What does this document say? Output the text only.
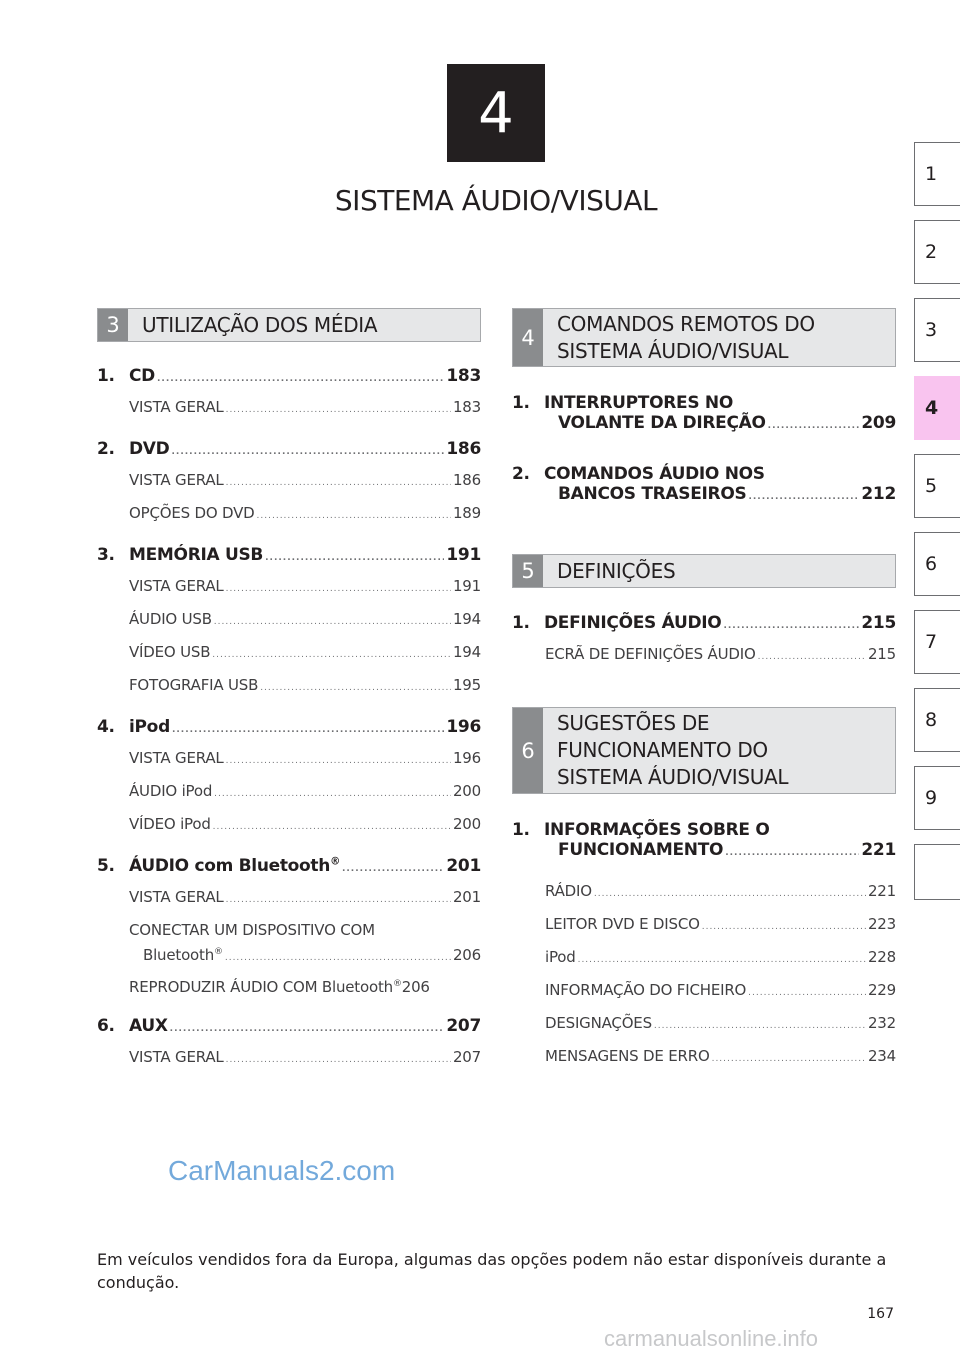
4
SISTEMA ÁUDIO/VISUAL
1
2
3
4
5
6
7
8
9
3	UTILIZAÇÃO DOS MÉDIA
1. CD .....	183
VISTA GERAL .....	183
2. DVD .....	186
VISTA GERAL .....	186
OPÇÕES DO DVD .....	189
3. MEMÓRIA USB .....	191
VISTA GERAL .....	191
ÁUDIO USB .....	194
VÍDEO USB .....	194
FOTOGRAFIA USB .....	195
4. iPod .....	196
VISTA GERAL .....	196
ÁUDIO iPod .....	200
VÍDEO iPod .....	200
5. ÁUDIO com Bluetooth® .....	201
VISTA GERAL .....	201
CONECTAR UM DISPOSITIVO COM
Bluetooth® .....	206
REPRODUZIR ÁUDIO COM Bluetooth® 206
6. AUX .....	207
VISTA GERAL .....	207
4
COMANDOS REMOTOS DO
SISTEMA ÁUDIO/VISUAL
1. INTERRUPTORES NO
VOLANTE DA DIREÇÃO .....	209
2. COMANDOS ÁUDIO NOS
BANCOS TRASEIROS .....	212
5	DEFINIÇÕES
1. DEFINIÇÕES ÁUDIO .....	215
ECRÃ DE DEFINIÇÕES ÁUDIO .....	215
6
SUGESTÕES DE
FUNCIONAMENTO DO
SISTEMA ÁUDIO/VISUAL
1. INFORMAÇÕES SOBRE O
FUNCIONAMENTO .....	221
RÁDIO .....	221
LEITOR DVD E DISCO .....	223
iPod .....	228
INFORMAÇÃO DO FICHEIRO .....	229
DESIGNAÇÕES .....	232
MENSAGENS DE ERRO .....	234
CarManuals2.com
Em veículos vendidos fora da Europa, algumas das opções podem não estar disponíveis durante a condução.
167
carmanualsonline.info
